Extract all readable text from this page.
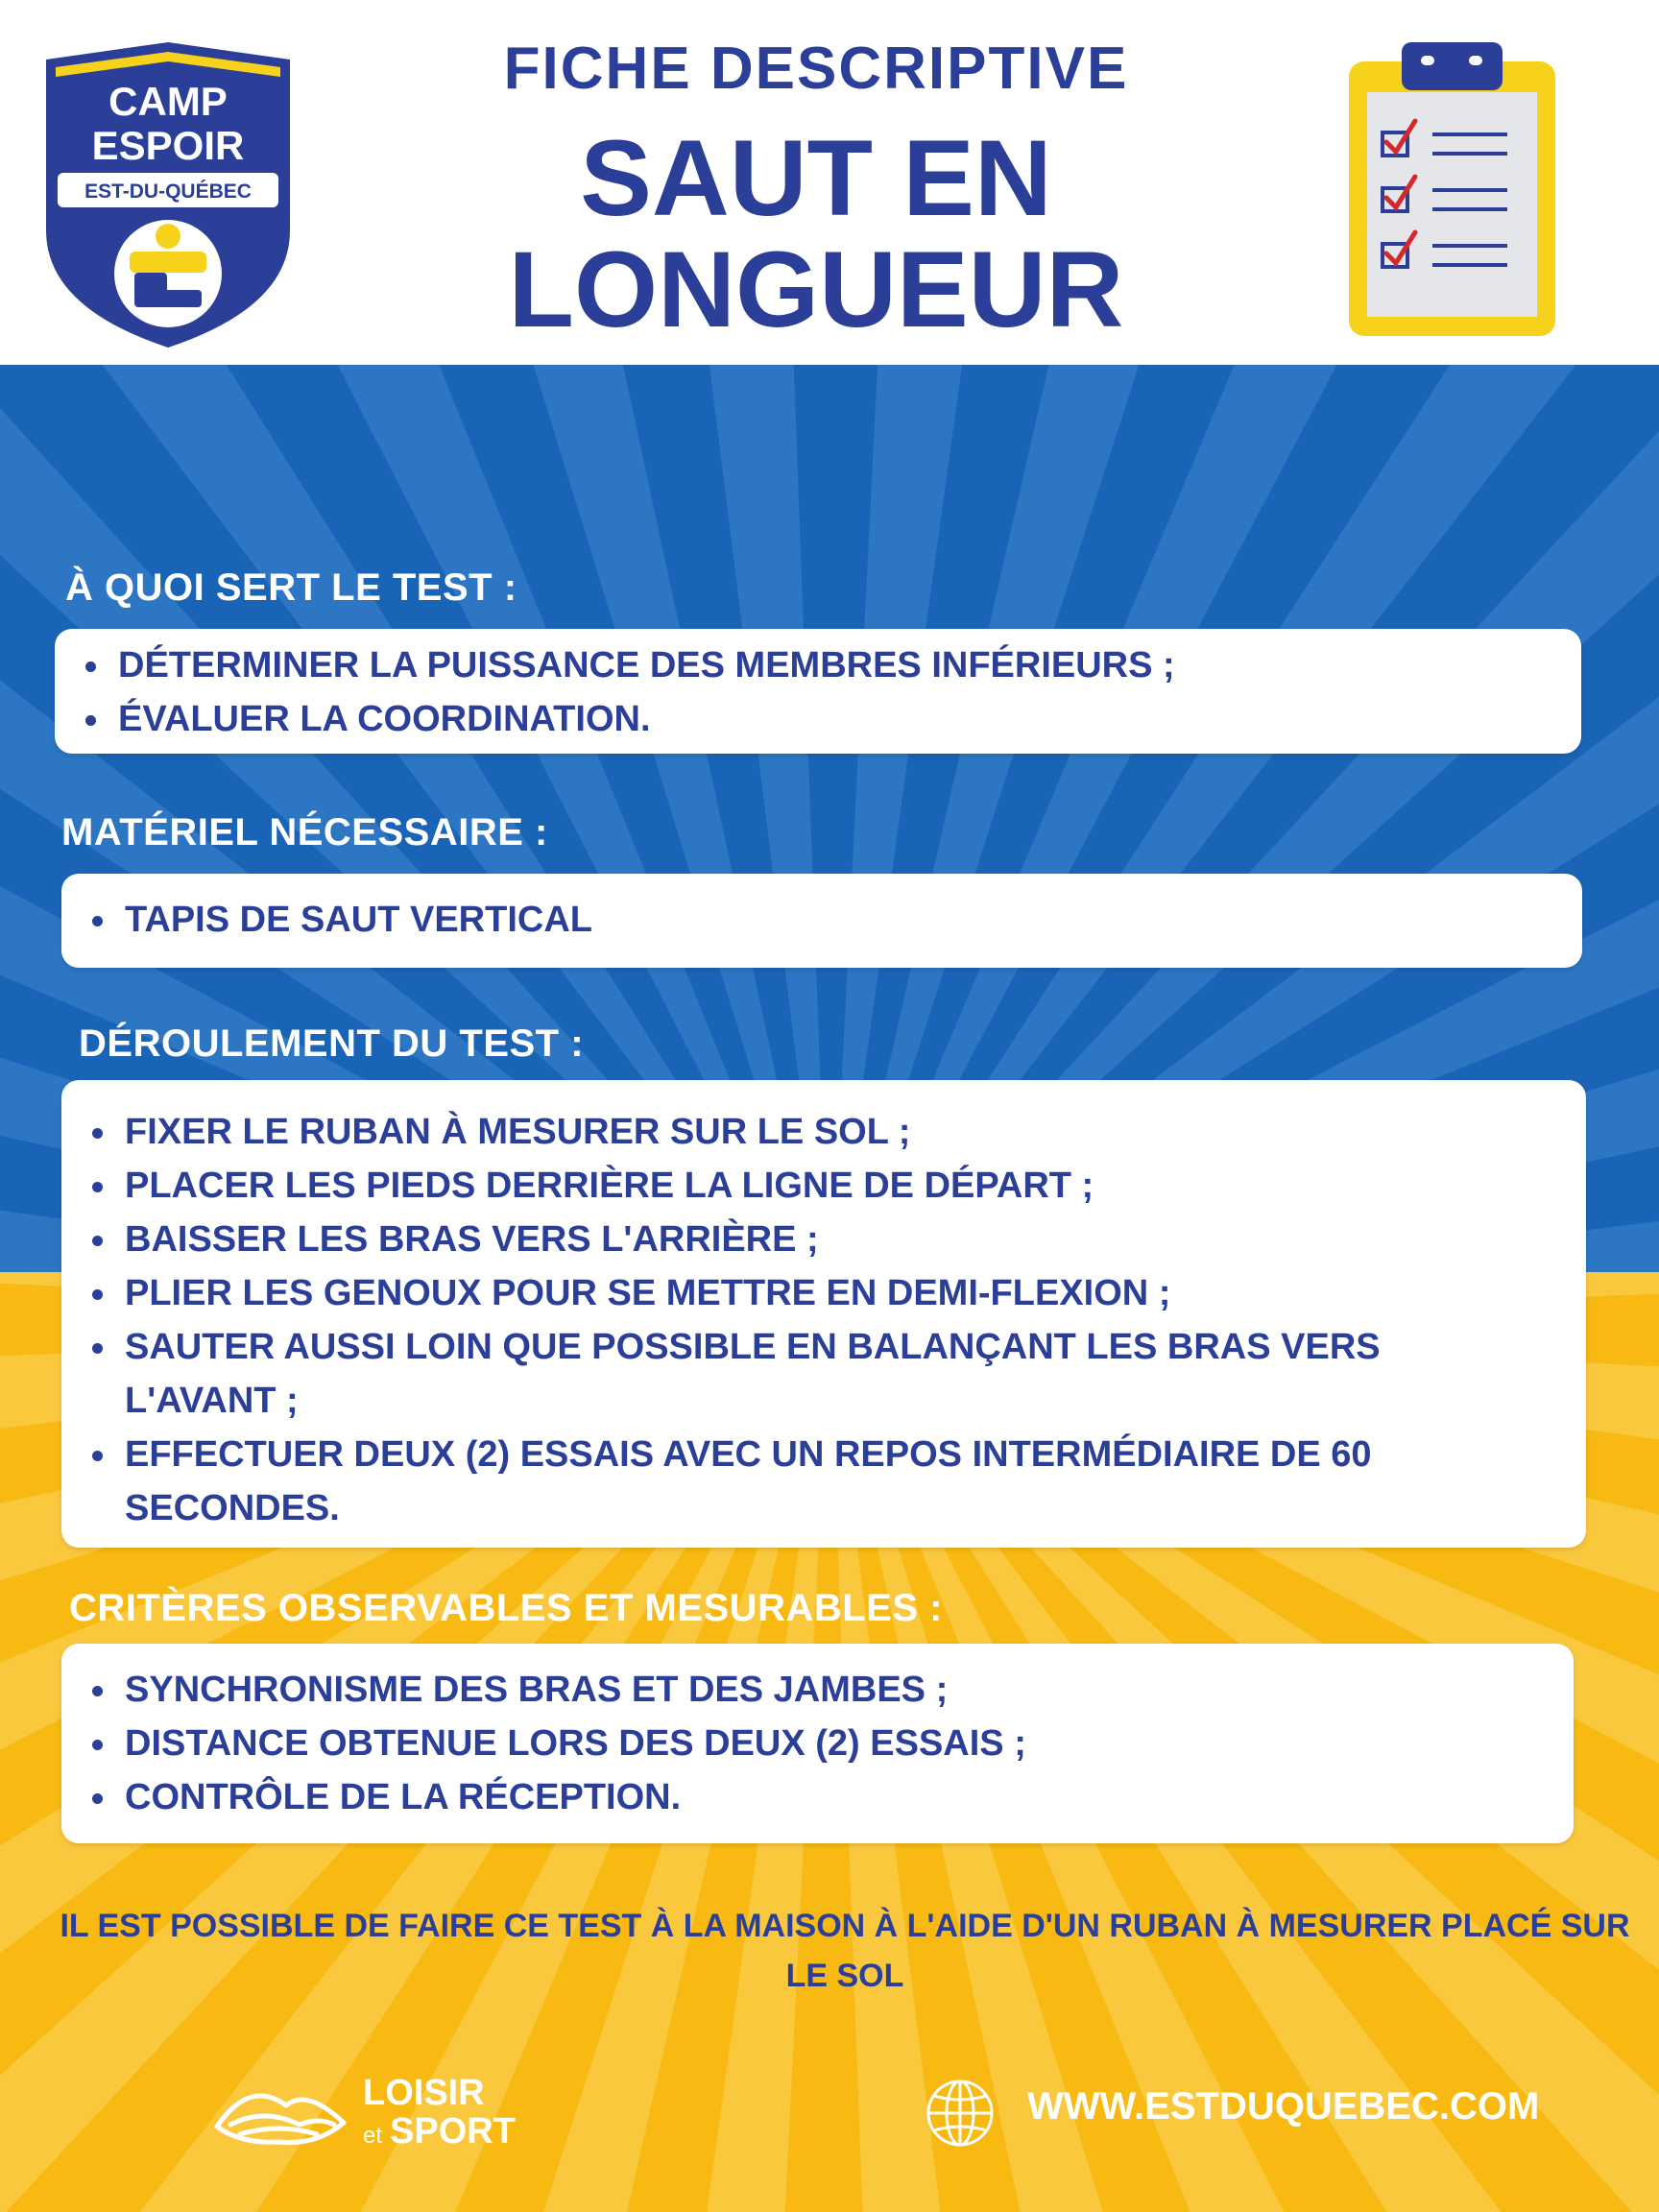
CAMP
ESPOIR
EST-DU-QUÉBEC
FICHE DESCRIPTIVE
SAUT EN
LONGUEUR
À QUOI SERT LE TEST :
DÉTERMINER LA PUISSANCE DES MEMBRES INFÉRIEURS ;
ÉVALUER LA COORDINATION.
MATÉRIEL NÉCESSAIRE :
TAPIS DE SAUT VERTICAL
DÉROULEMENT DU TEST :
FIXER LE RUBAN À MESURER SUR LE SOL ;
PLACER LES PIEDS DERRIÈRE LA LIGNE DE DÉPART ;
BAISSER LES BRAS VERS L'ARRIÈRE ;
PLIER LES GENOUX POUR SE METTRE EN DEMI-FLEXION ;
SAUTER AUSSI LOIN QUE POSSIBLE EN BALANÇANT LES BRAS VERS L'AVANT ;
EFFECTUER DEUX (2) ESSAIS AVEC UN REPOS INTERMÉDIAIRE DE 60 SECONDES.
CRITÈRES OBSERVABLES ET MESURABLES :
SYNCHRONISME DES BRAS ET DES JAMBES ;
DISTANCE OBTENUE LORS DES DEUX (2) ESSAIS ;
CONTRÔLE DE LA RÉCEPTION.
IL EST POSSIBLE DE FAIRE CE TEST À LA MAISON À L'AIDE D'UN RUBAN À MESURER PLACÉ SUR LE SOL
LOISIR
et SPORT
WWW.ESTDUQUEBEC.COM
